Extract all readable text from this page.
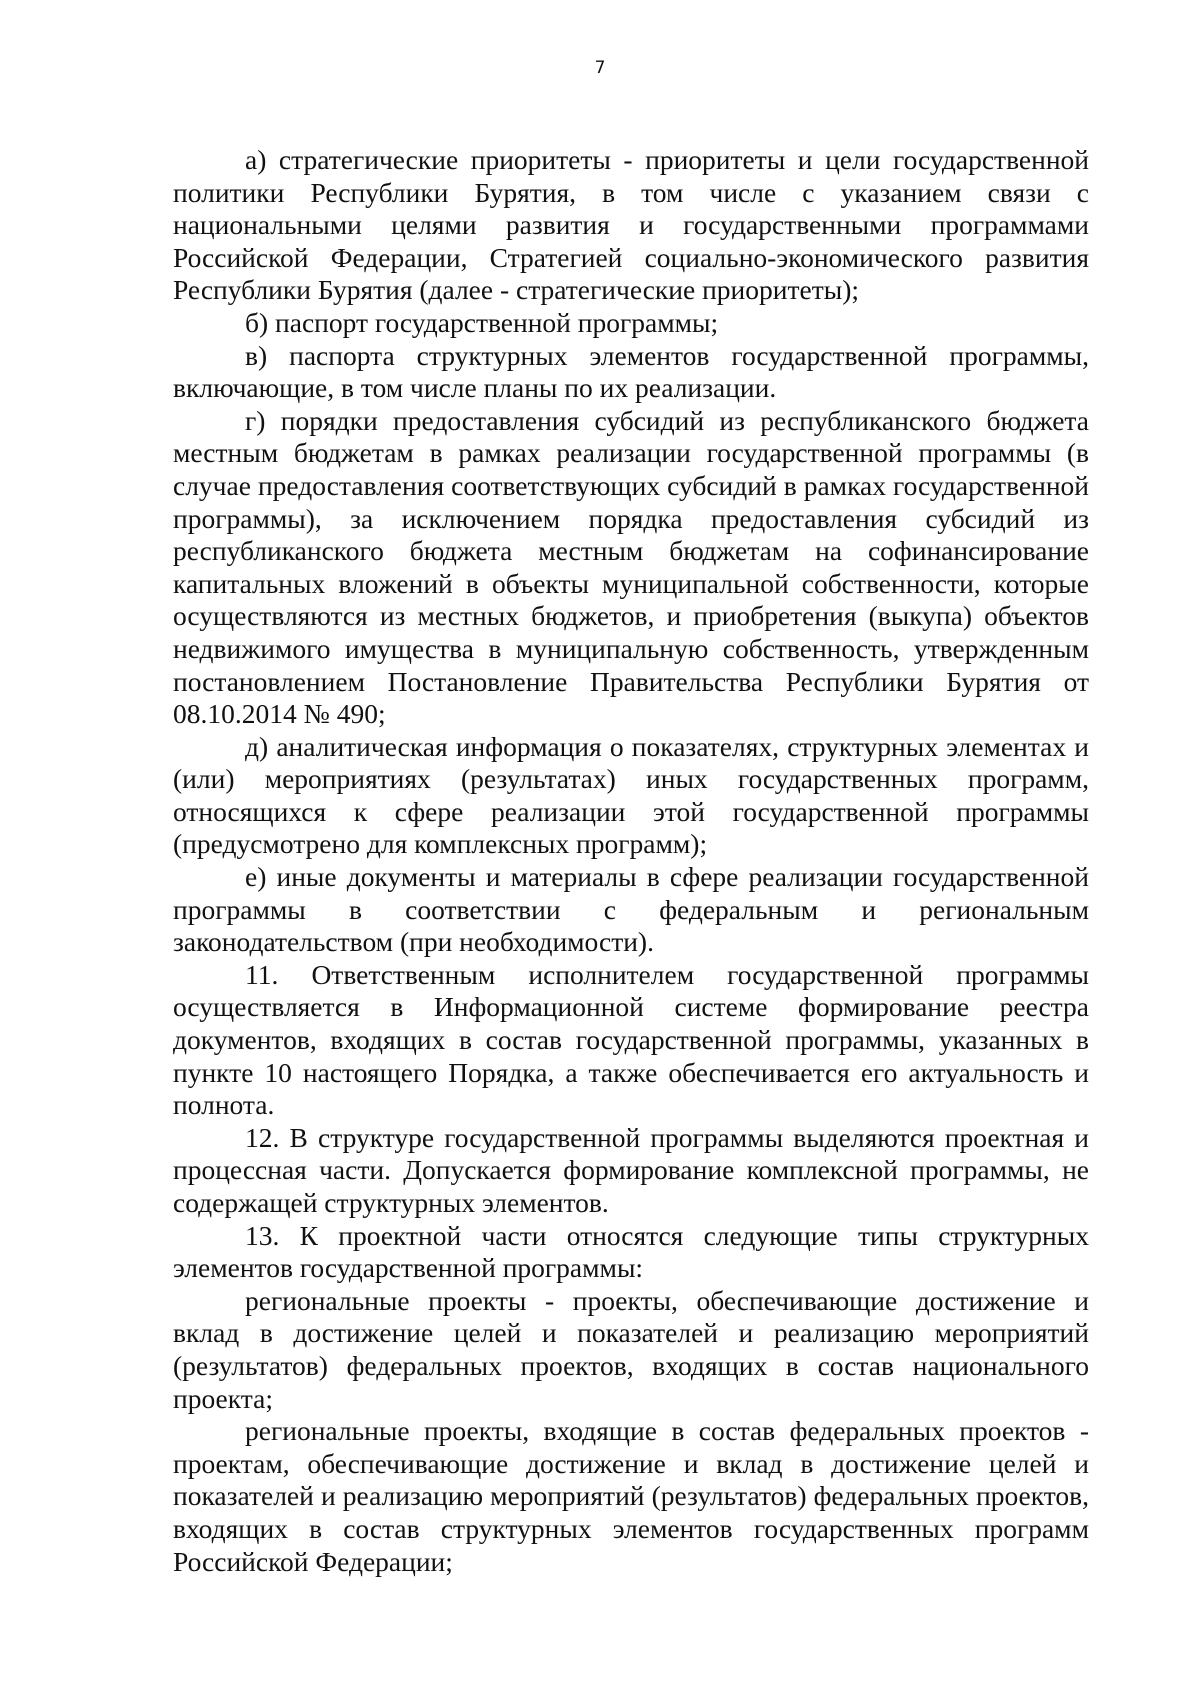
7

а) стратегические приоритеты - приоритеты и цели государственной политики Республики Бурятия, в том числе с указанием связи с национальными целями развития и государственными программами Российской Федерации, Стратегией социально-экономического развития Республики Бурятия (далее - стратегические приоритеты);

б) паспорт государственной программы;

в) паспорта структурных элементов государственной программы, включающие, в том числе планы по их реализации.

г) порядки предоставления субсидий из республиканского бюджета местным бюджетам в рамках реализации государственной программы (в случае предоставления соответствующих субсидий в рамках государственной программы), за исключением порядка предоставления субсидий из республиканского бюджета местным бюджетам на софинансирование капитальных вложений в объекты муниципальной собственности, которые осуществляются из местных бюджетов, и приобретения (выкупа) объектов недвижимого имущества в муниципальную собственность, утвержденным постановлением Постановление Правительства Республики Бурятия от 08.10.2014 № 490;

д) аналитическая информация о показателях, структурных элементах и (или) мероприятиях (результатах) иных государственных программ, относящихся к сфере реализации этой государственной программы (предусмотрено для комплексных программ);

е) иные документы и материалы в сфере реализации государственной программы в соответствии с федеральным и региональным законодательством (при необходимости).

11. Ответственным исполнителем государственной программы осуществляется в Информационной системе формирование реестра документов, входящих в состав государственной программы, указанных в пункте 10 настоящего Порядка, а также обеспечивается его актуальность и полнота.

12. В структуре государственной программы выделяются проектная и процессная части. Допускается формирование комплексной программы, не содержащей структурных элементов.

13. К проектной части относятся следующие типы структурных элементов государственной программы:

региональные проекты - проекты, обеспечивающие достижение и вклад в достижение целей и показателей и реализацию мероприятий (результатов) федеральных проектов, входящих в состав национального проекта;

региональные проекты, входящие в состав федеральных проектов - проектам, обеспечивающие достижение и вклад в достижение целей и показателей и реализацию мероприятий (результатов) федеральных проектов, входящих в состав структурных элементов государственных программ Российской Федерации;
